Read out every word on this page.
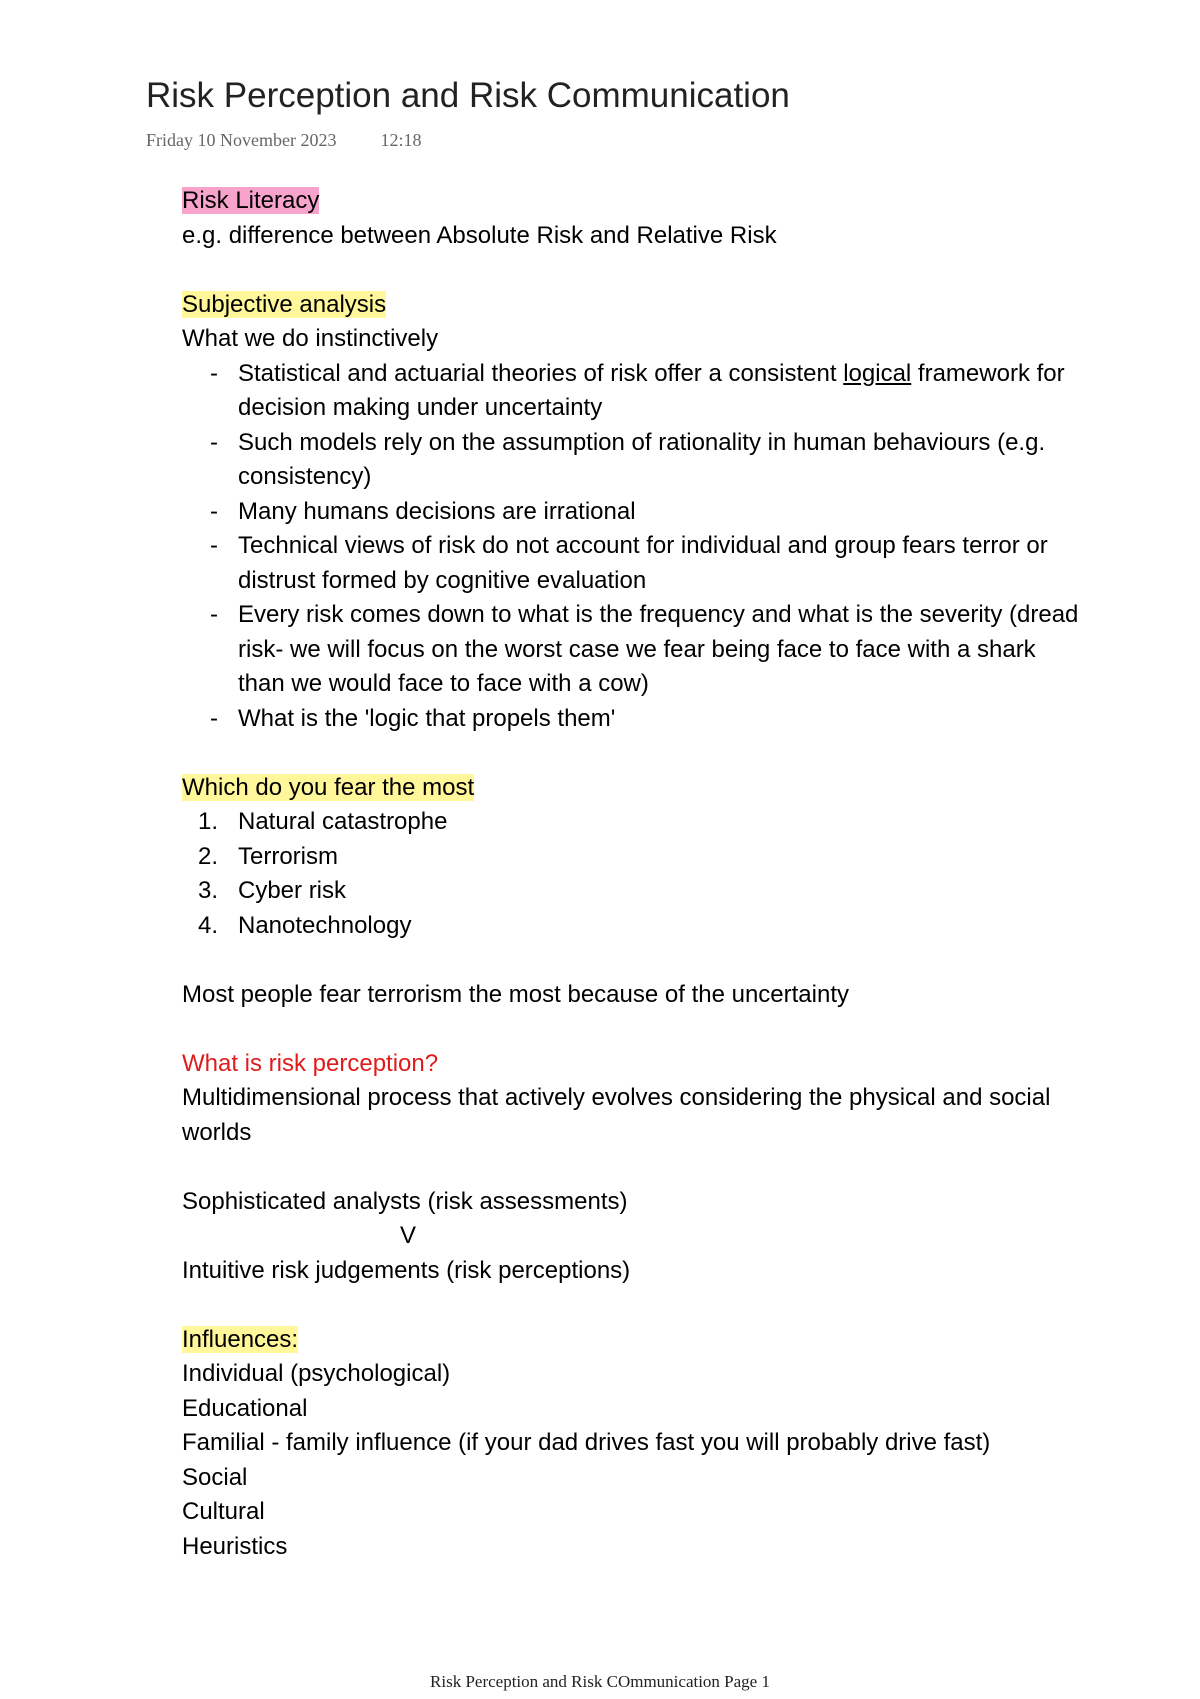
Risk Perception and Risk Communication
Friday 10 November 2023 12:18
Risk Literacy
e.g. difference between Absolute Risk and Relative Risk
Subjective analysis
What we do instinctively
- Statistical and actuarial theories of risk offer a consistent logical framework for decision making under uncertainty
- Such models rely on the assumption of rationality in human behaviours (e.g. consistency)
- Many humans decisions are irrational
- Technical views of risk do not account for individual and group fears terror or distrust formed by cognitive evaluation
- Every risk comes down to what is the frequency and what is the severity (dread risk- we will focus on the worst case we fear being face to face with a shark than we would face to face with a cow)
- What is the 'logic that propels them'
Which do you fear the most
1. Natural catastrophe
2. Terrorism
3. Cyber risk
4. Nanotechnology
Most people fear terrorism the most because of the uncertainty
What is risk perception?
Multidimensional process that actively evolves considering the physical and social worlds
Sophisticated analysts (risk assessments)
V
Intuitive risk judgements (risk perceptions)
Influences:
Individual (psychological)
Educational
Familial - family influence (if your dad drives fast you will probably drive fast)
Social
Cultural
Heuristics
Risk Perception and Risk COmmunication Page 1
